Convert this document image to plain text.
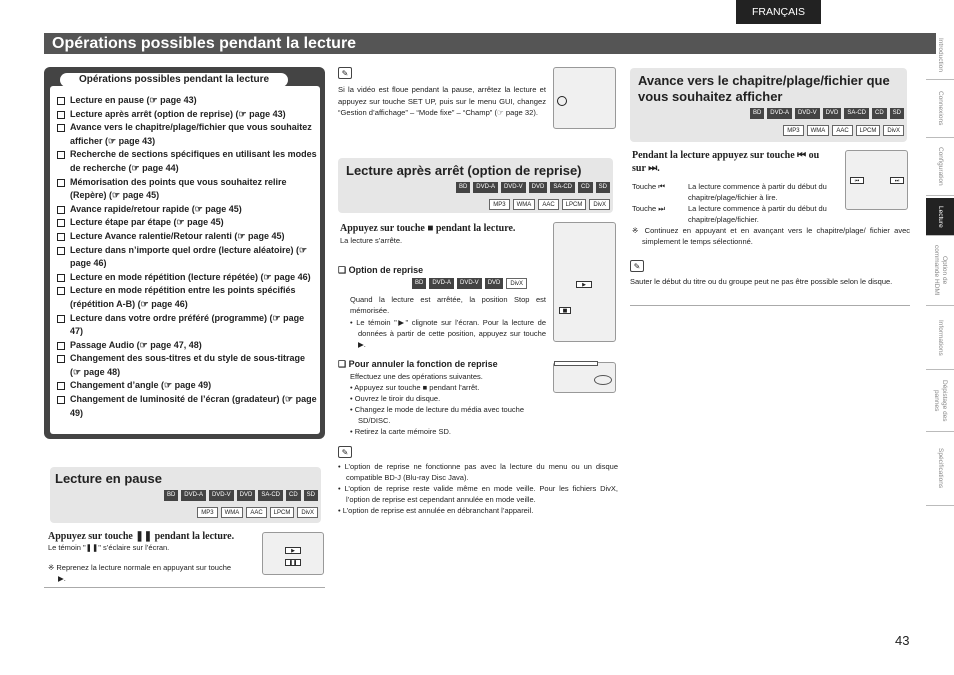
FRANÇAIS
Opérations possibles pendant la lecture	Introduction
Connexions
Configuration
Lecture
Option de
commande HDMI
Informations
Dépistage des
pannes
Spécifications
Opérations possibles pendant la lecture
Lecture en pause (☞ page 43)
Lecture après arrêt (option de reprise) (☞ page 43)
Avance vers le chapitre/plage/fichier que vous souhaitez afficher (☞ page 43)
Recherche de sections spécifiques en utilisant les modes de recherche (☞ page 44)
Mémorisation des points que vous souhaitez relire (Repère) (☞ page 45)
Avance rapide/retour rapide (☞ page 45)
Lecture étape par étape (☞ page 45)
Lecture Avance ralentie/Retour ralenti (☞ page 45)
Lecture dans n’importe quel ordre (lecture aléatoire) (☞ page 46)
Lecture en mode répétition (lecture répétée) (☞ page 46)
Lecture en mode répétition entre les points spécifiés (répétition A-B) (☞ page 46)
Lecture dans votre ordre préféré (programme) (☞ page 47)
Passage Audio (☞ page 47, 48)
Changement des sous-titres et du style de sous-titrage (☞ page 48)
Changement d’angle (☞ page 49)
Changement de luminosité de l’écran (gradateur) (☞ page 49)
Lecture en pause
BD	DVD-A	DVD-V	DVD	SA-CD	CD	SD
MP3	WMA	AAC	LPCM	DivX
Appuyez sur touche ❚❚ pendant la lecture.
Le témoin "❚❚" s’éclaire sur l’écran.
※ Reprenez la lecture normale en appuyant sur touche ▶.
▶
❚❚
✎
Si la vidéo est floue pendant la pause, arrêtez la lecture et appuyez sur touche SET UP, puis sur le menu GUI, changez “Gestion d’affichage” – “Mode fixe” – “Champ” (☞ page 32).
Lecture après arrêt (option de reprise)
BD	DVD-A	DVD-V	DVD	SA-CD	CD	SD
MP3	WMA	AAC	LPCM	DivX
Appuyez sur touche ■ pendant la lecture.
La lecture s’arrête.
▶
■
❑ Option de reprise
BD	DVD-A	DVD-V	DVD	DivX
Quand la lecture est arrêtée, la position Stop est mémorisée.
• Le témoin "▶" clignote sur l’écran. Pour la lecture de données à partir de cette position, appuyez sur touche ▶.
❑ Pour annuler la fonction de reprise
Effectuez une des opérations suivantes.
• Appuyez sur touche ■ pendant l’arrêt.
• Ouvrez le tiroir du disque.
• Changez le mode de lecture du média avec touche SD/DISC.
• Retirez la carte mémoire SD.
✎
• L’option de reprise ne fonctionne pas avec la lecture du menu ou un disque compatible BD-J (Blu-ray Disc Java).
• L’option de reprise reste valide même en mode veille. Pour les fichiers DivX, l’option de reprise est cependant annulée en mode veille.
• L’option de reprise est annulée en débranchant l’appareil.
Avance vers le chapitre/plage/fichier que vous souhaitez afficher
BD	DVD-A	DVD-V	DVD	SA-CD	CD	SD
MP3	WMA	AAC	LPCM	DivX
Pendant la lecture appuyez sur touche ⏮ ou sur ⏭.
⏮	⏭
Touche ⏮	La lecture commence à partir du début du chapitre/plage/fichier à lire.
Touche ⏭	La lecture commence à partir du début du chapitre/plage/fichier.
※ Continuez en appuyant et en avançant vers le chapitre/plage/ fichier avec simplement le temps sélectionné.
✎
Sauter le début du titre ou du groupe peut ne pas être possible selon le disque.
43
